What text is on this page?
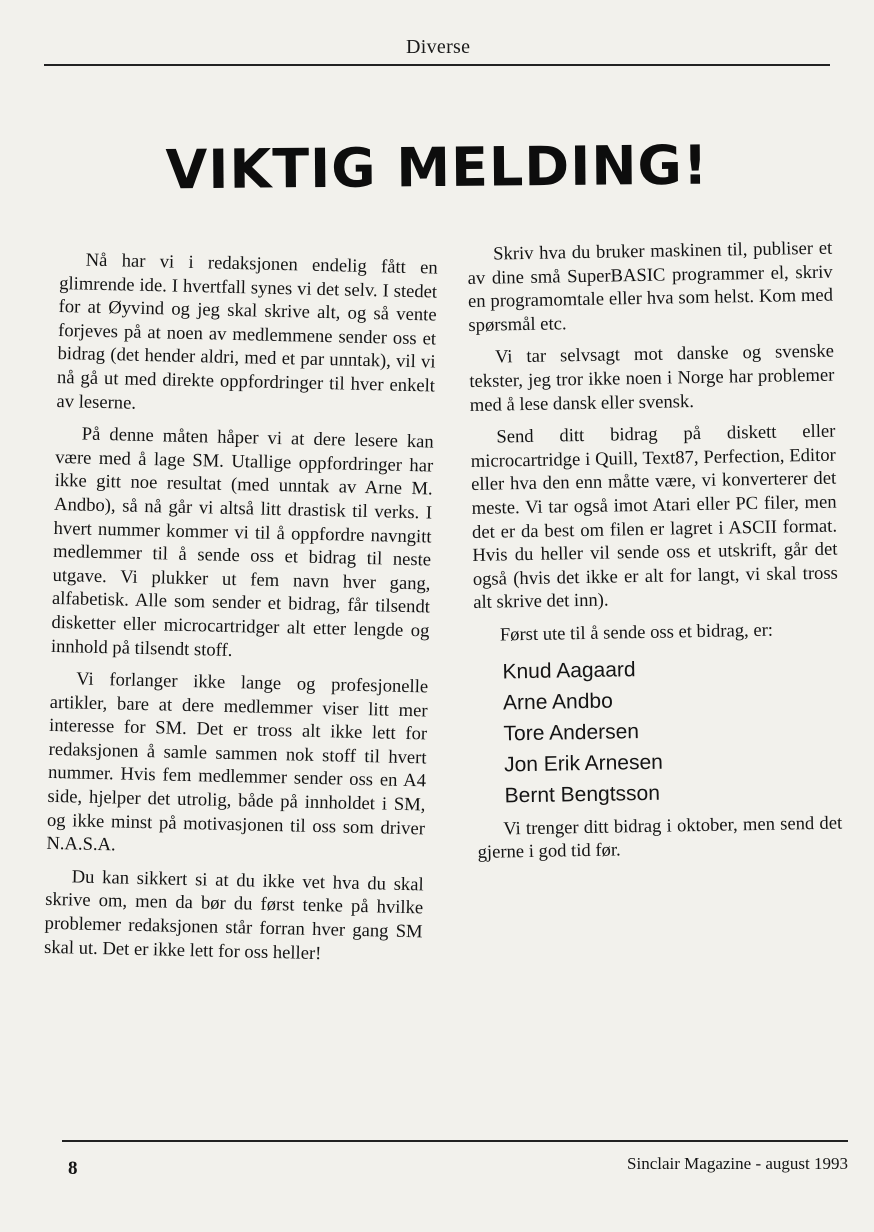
Diverse
VIKTIG MELDING!

Nå har vi i redaksjonen endelig fått en glimrende ide. I hvertfall synes vi det selv. I stedet for at Øyvind og jeg skal skrive alt, og så vente forjeves på at noen av medlemmene sender oss et bidrag (det hender aldri, med et par unntak), vil vi nå gå ut med direkte oppfordringer til hver enkelt av leserne.

På denne måten håper vi at dere lesere kan være med å lage SM. Utallige oppfordringer har ikke gitt noe resultat (med unntak av Arne M. Andbo), så nå går vi altså litt drastisk til verks. I hvert nummer kommer vi til å oppfordre navngitt medlemmer til å sende oss et bidrag til neste utgave. Vi plukker ut fem navn hver gang, alfabetisk. Alle som sender et bidrag, får tilsendt disketter eller microcartridger alt etter lengde og innhold på tilsendt stoff.

Vi forlanger ikke lange og profesjonelle artikler, bare at dere medlemmer viser litt mer interesse for SM. Det er tross alt ikke lett for redaksjonen å samle sammen nok stoff til hvert nummer. Hvis fem medlemmer sender oss en A4 side, hjelper det utrolig, både på innholdet i SM, og ikke minst på motivasjonen til oss som driver N.A.S.A.

Du kan sikkert si at du ikke vet hva du skal skrive om, men da bør du først tenke på hvilke problemer redaksjonen står forran hver gang SM skal ut. Det er ikke lett for oss heller!

Skriv hva du bruker maskinen til, publiser et av dine små SuperBASIC programmer el, skriv en programomtale eller hva som helst. Kom med spørsmål etc.

Vi tar selvsagt mot danske og svenske tekster, jeg tror ikke noen i Norge har problemer med å lese dansk eller svensk.

Send ditt bidrag på diskett eller microcartridge i Quill, Text87, Perfection, Editor eller hva den enn måtte være, vi konverterer det meste. Vi tar også imot Atari eller PC filer, men det er da best om filen er lagret i ASCII format. Hvis du heller vil sende oss et utskrift, går det også (hvis det ikke er alt for langt, vi skal tross alt skrive det inn).

Først ute til å sende oss et bidrag, er:

Knud Aagaard
Arne Andbo
Tore Andersen
Jon Erik Arnesen
Bernt Bengtsson

Vi trenger ditt bidrag i oktober, men send det gjerne i god tid før.

8	Sinclair Magazine - august 1993
